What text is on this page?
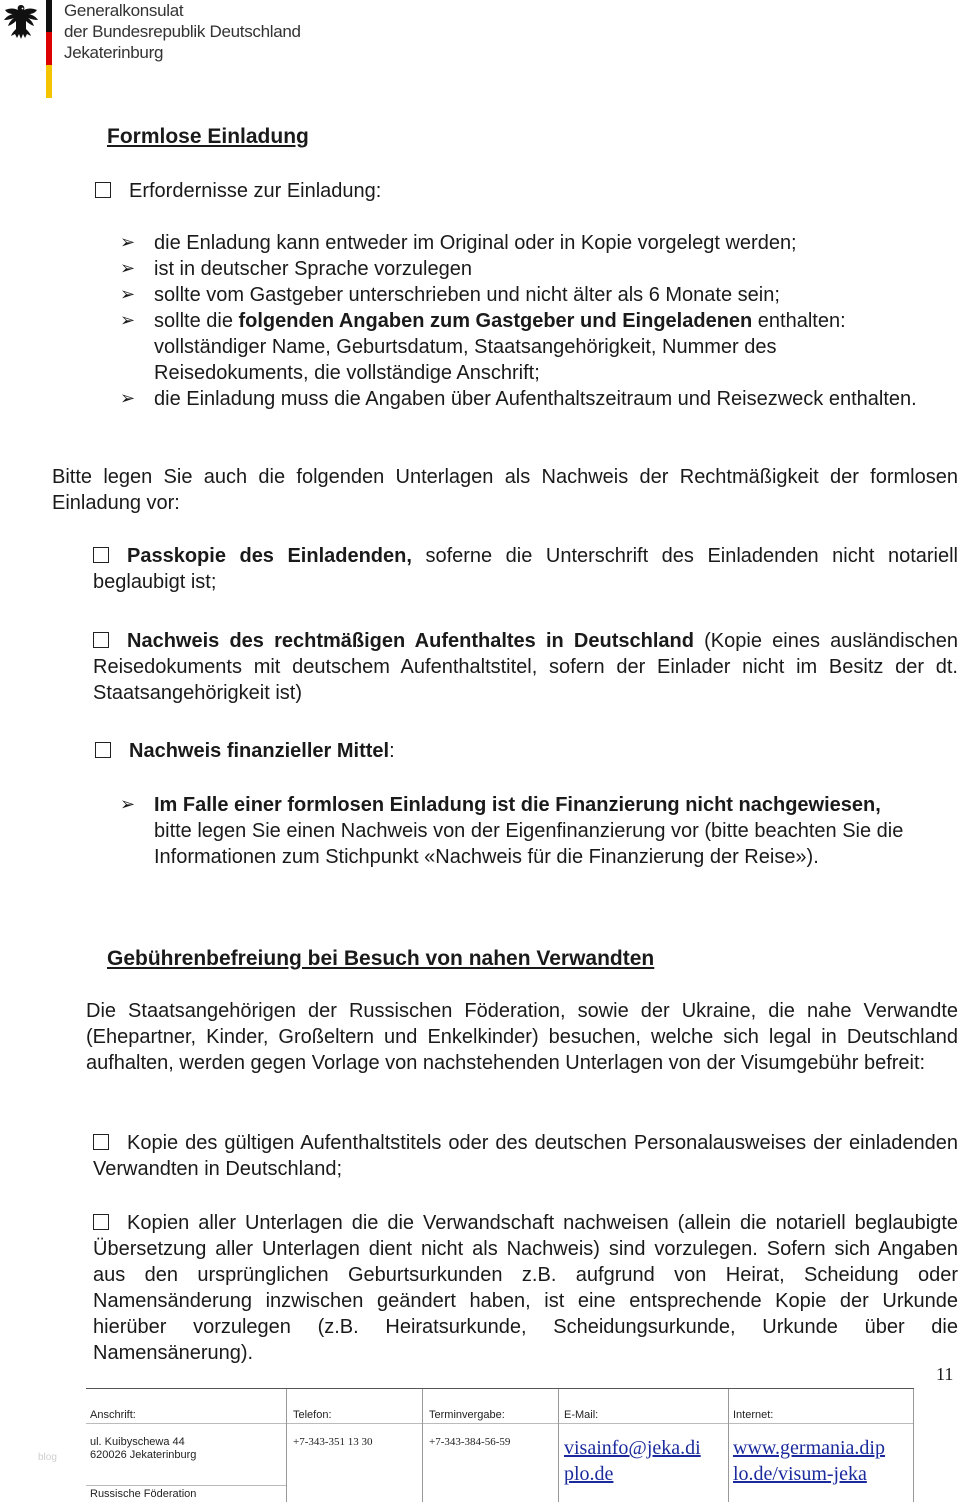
Generalkonsulat
der Bundesrepublik Deutschland
Jekaterinburg
Formlose Einladung
Erfordernisse zur Einladung:
➢ die Enladung kann entweder im Original oder in Kopie vorgelegt werden;
➢ ist in deutscher Sprache vorzulegen
➢ sollte vom Gastgeber unterschrieben und nicht älter als 6 Monate sein;
➢ sollte die folgenden Angaben zum Gastgeber und Eingeladenen enthalten: vollständiger Name, Geburtsdatum, Staatsangehörigkeit, Nummer des Reisedokuments, die vollständige Anschrift;
➢ die Einladung muss die Angaben über Aufenthaltszeitraum und Reisezweck enthalten.
Bitte legen Sie auch die folgenden Unterlagen als Nachweis der Rechtmäßigkeit der formlosen Einladung vor:
Passkopie des Einladenden, soferne die Unterschrift des Einladenden nicht notariell beglaubigt ist;
Nachweis des rechtmäßigen Aufenthaltes in Deutschland (Kopie eines ausländischen Reisedokuments mit deutschem Aufenthaltstitel, sofern der Einlader nicht im Besitz der dt. Staatsangehörigkeit ist)
Nachweis finanzieller Mittel:
➢ Im Falle einer formlosen Einladung ist die Finanzierung nicht nachgewiesen, bitte legen Sie einen Nachweis von der Eigenfinanzierung vor (bitte beachten Sie die Informationen zum Stichpunkt «Nachweis für die Finanzierung der Reise»).
Gebührenbefreiung bei Besuch von nahen Verwandten
Die Staatsangehörigen der Russischen Föderation, sowie der Ukraine, die nahe Verwandte (Ehepartner, Kinder, Großeltern und Enkelkinder) besuchen, welche sich legal in Deutschland aufhalten, werden gegen Vorlage von nachstehenden Unterlagen von der Visumgebühr befreit:
Kopie des gültigen Aufenthaltstitels oder des deutschen Personalausweises der einladenden Verwandten in Deutschland;
Kopien aller Unterlagen die die Verwandschaft nachweisen (allein die notariell beglaubigte Übersetzung aller Unterlagen dient nicht als Nachweis) sind vorzulegen. Sofern sich Angaben aus den ursprünglichen Geburtsurkunden z.B. aufgrund von Heirat, Scheidung oder Namensänderung inzwischen geändert haben, ist eine entsprechende Kopie der Urkunde hierüber vorzulegen (z.B. Heiratsurkunde, Scheidungsurkunde, Urkunde über die Namensänerung).
11
blog
Anschrift:
ul. Kuibyschewa 44
620026 Jekaterinburg
Russische Föderation
Telefon:
+7-343-351 13 30
Terminvergabe:
+7-343-384-56-59
E-Mail:
visainfo@jeka.di
plo.de
Internet:
www.germania.dip
lo.de/visum-jeka
